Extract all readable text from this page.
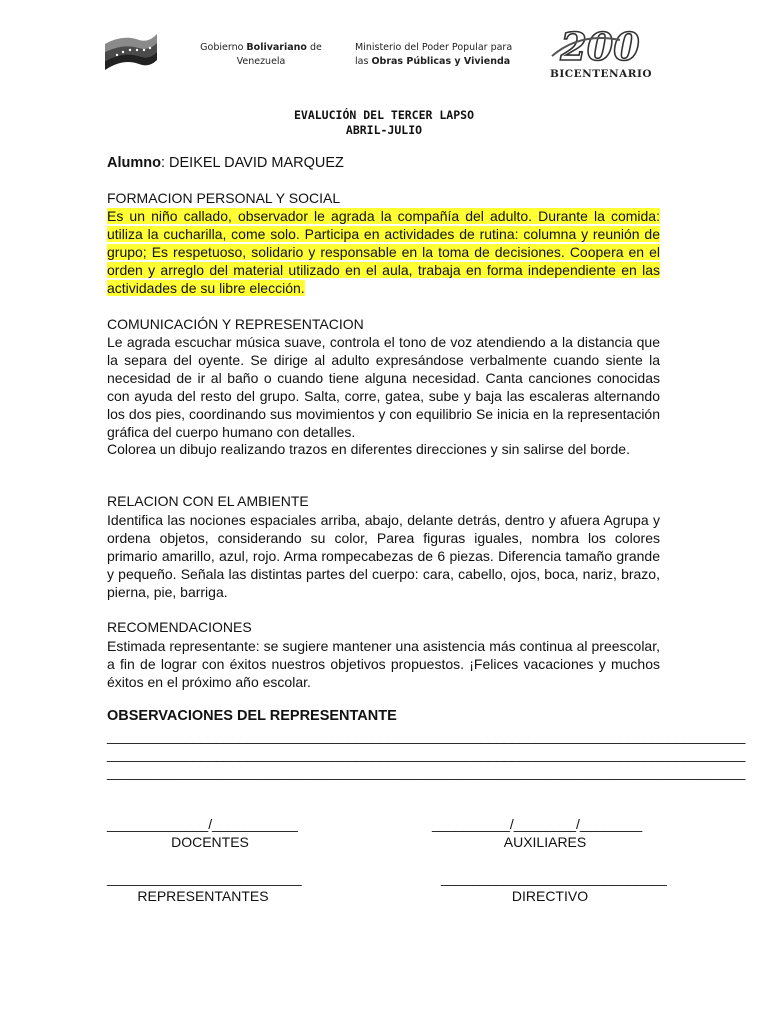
Gobierno Bolivariano de
Venezuela
Ministerio del Poder Popular para
las Obras Públicas y Vivienda 200
BICENTENARIO
EVALUCIÓN DEL TERCER LAPSO
ABRIL-JULIO
Alumno: DEIKEL DAVID MARQUEZ
FORMACION PERSONAL Y SOCIAL
Es un niño callado, observador le agrada la compañía del adulto. Durante la comida: utiliza la cucharilla, come solo. Participa en actividades de rutina: columna y reunión de grupo; Es respetuoso, solidario y responsable en la toma de decisiones. Coopera en el orden y arreglo del material utilizado en el aula, trabaja en forma independiente en las actividades de su libre elección.
COMUNICACIÓN Y REPRESENTACION
Le agrada escuchar música suave, controla el tono de voz atendiendo a la distancia que la separa del oyente. Se dirige al adulto expresándose verbalmente cuando siente la necesidad de ir al baño o cuando tiene alguna necesidad. Canta canciones conocidas con ayuda del resto del grupo. Salta, corre, gatea, sube y baja las escaleras alternando los dos pies, coordinando sus movimientos y con equilibrio Se inicia en la representación gráfica del cuerpo humano con detalles.
Colorea un dibujo realizando trazos en diferentes direcciones y sin salirse del borde.
RELACION CON EL AMBIENTE
Identifica las nociones espaciales arriba, abajo, delante detrás, dentro y afuera Agrupa y ordena objetos, considerando su color, Parea figuras iguales, nombra los colores primario amarillo, azul, rojo. Arma rompecabezas de 6 piezas. Diferencia tamaño grande y pequeño. Señala las distintas partes del cuerpo: cara, cabello, ojos, boca, nariz, brazo, pierna, pie, barriga.
RECOMENDACIONES
Estimada representante: se sugiere mantener una asistencia más continua al preescolar, a fin de lograr con éxitos nuestros objetivos propuestos. ¡Felices vacaciones y muchos éxitos en el próximo año escolar.
OBSERVACIONES DEL REPRESENTANTE
__________________________________________________________________________________
__________________________________________________________________________________
__________________________________________________________________________________
_____________/___________
DOCENTES
__________/________/________
AUXILIARES
_________________________
REPRESENTANTES
_____________________________
DIRECTIVO
